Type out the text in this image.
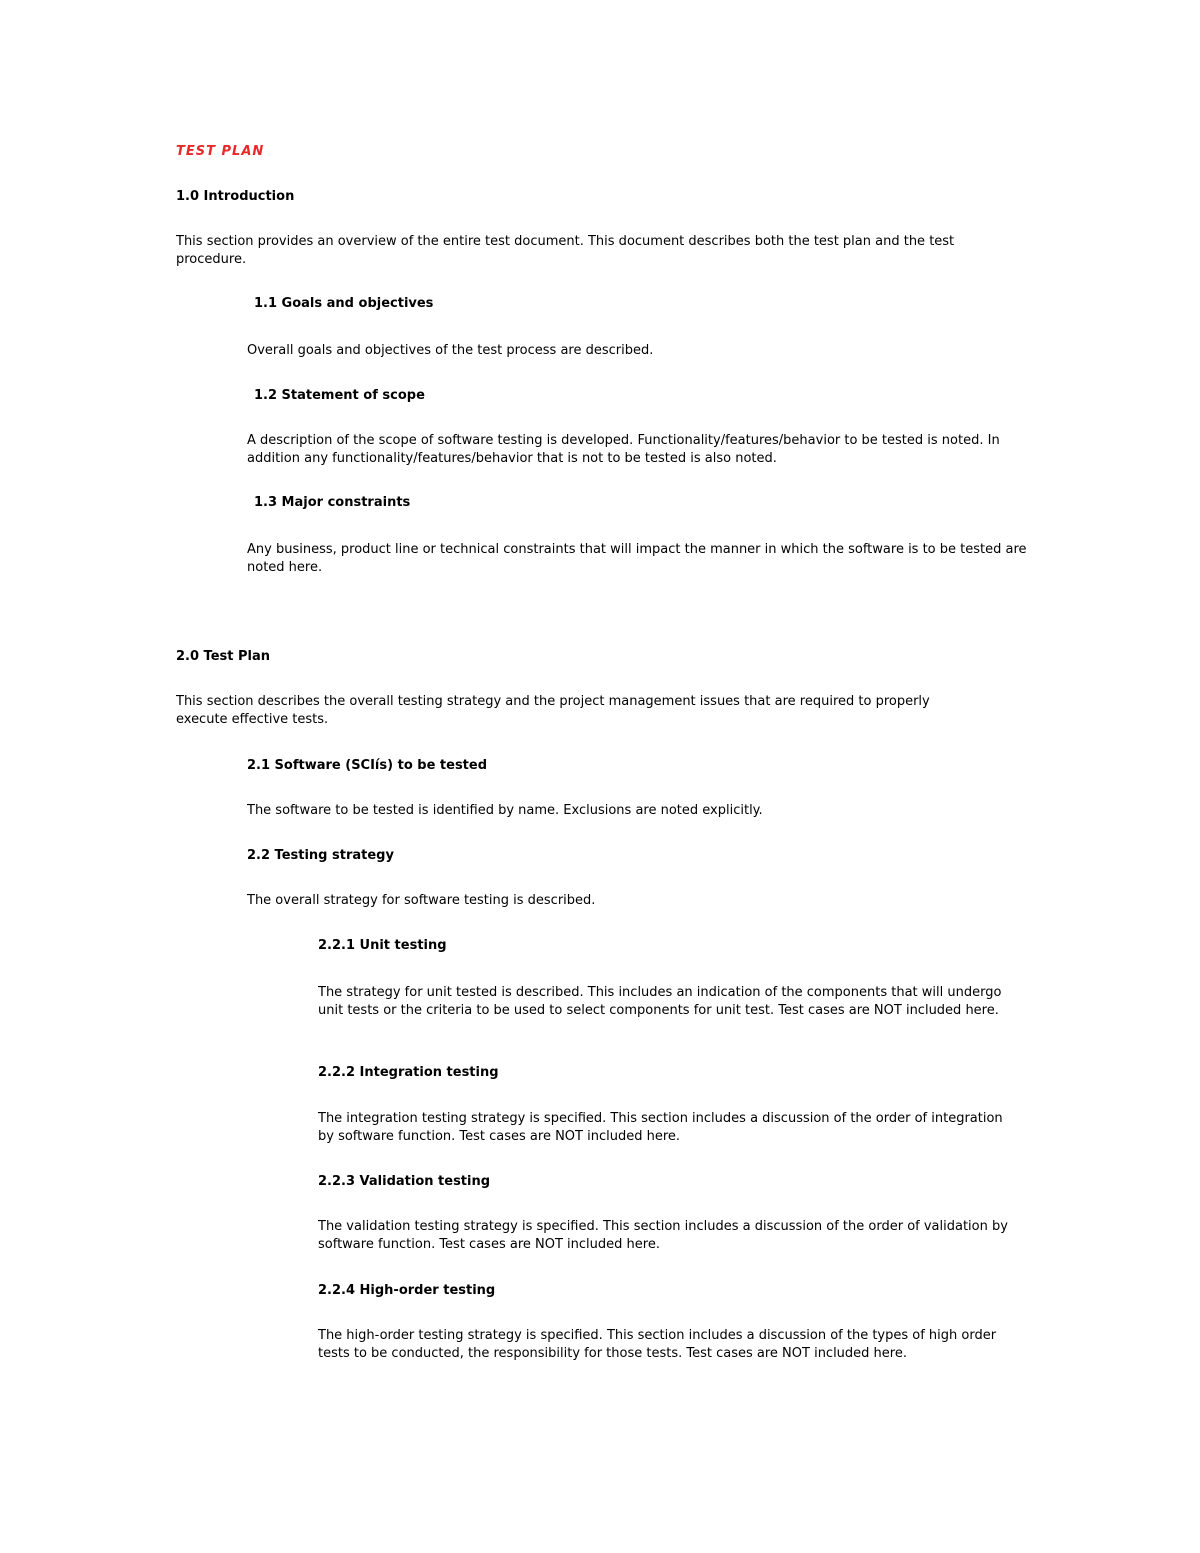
TEST PLAN

1.0 Introduction

This section provides an overview of the entire test document. This document describes both the test plan and the test procedure.

1.1 Goals and objectives

Overall goals and objectives of the test process are described.

1.2 Statement of scope

A description of the scope of software testing is developed. Functionality/features/behavior to be tested is noted. In addition any functionality/features/behavior that is not to be tested is also noted.

1.3 Major constraints

Any business, product line or technical constraints that will impact the manner in which the software is to be tested are noted here.

2.0 Test Plan

This section describes the overall testing strategy and the project management issues that are required to properly execute effective tests.

2.1 Software (SCIís) to be tested

The software to be tested is identified by name. Exclusions are noted explicitly.

2.2 Testing strategy

The overall strategy for software testing is described.

2.2.1 Unit testing

The strategy for unit tested is described. This includes an indication of the components that will undergo unit tests or the criteria to be used to select components for unit test. Test cases are NOT included here.

2.2.2 Integration testing

The integration testing strategy is specified. This section includes a discussion of the order of integration by software function. Test cases are NOT included here.

2.2.3 Validation testing

The validation testing strategy is specified. This section includes a discussion of the order of validation by software function. Test cases are NOT included here.

2.2.4 High-order testing

The high-order testing strategy is specified. This section includes a discussion of the types of high order tests to be conducted, the responsibility for those tests. Test cases are NOT included here.
